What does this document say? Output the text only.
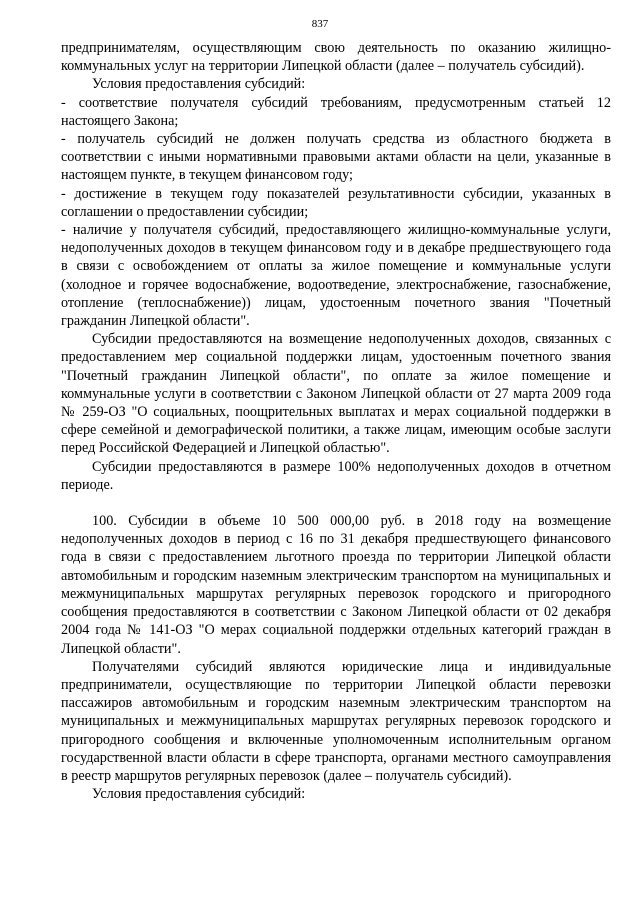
837

предпринимателям, осуществляющим свою деятельность по оказанию жилищно-коммунальных услуг на территории Липецкой области (далее – получатель субсидий).

Условия предоставления субсидий:

- соответствие получателя субсидий требованиям, предусмотренным статьей 12 настоящего Закона;

- получатель субсидий не должен получать средства из областного бюджета в соответствии с иными нормативными правовыми актами области на цели, указанные в настоящем пункте, в текущем финансовом году;

- достижение в текущем году показателей результативности субсидии, указанных в соглашении о предоставлении субсидии;

- наличие у получателя субсидий, предоставляющего жилищно-коммунальные услуги, недополученных доходов в текущем финансовом году и в декабре предшествующего года в связи с освобождением от оплаты за жилое помещение и коммунальные услуги (холодное и горячее водоснабжение, водоотведение, электроснабжение, газоснабжение, отопление (теплоснабжение)) лицам, удостоенным почетного звания "Почетный гражданин Липецкой области".

Субсидии предоставляются на возмещение недополученных доходов, связанных с предоставлением мер социальной поддержки лицам, удостоенным почетного звания "Почетный гражданин Липецкой области", по оплате за жилое помещение и коммунальные услуги в соответствии с Законом Липецкой области от 27 марта 2009 года № 259-ОЗ "О социальных, поощрительных выплатах и мерах социальной поддержки в сфере семейной и демографической политики, а также лицам, имеющим особые заслуги перед Российской Федерацией и Липецкой областью".

Субсидии предоставляются в размере 100% недополученных доходов в отчетном периоде.

100. Субсидии в объеме 10 500 000,00 руб. в 2018 году на возмещение недополученных доходов в период с 16 по 31 декабря предшествующего финансового года в связи с предоставлением льготного проезда по территории Липецкой области автомобильным и городским наземным электрическим транспортом на муниципальных и межмуниципальных маршрутах регулярных перевозок городского и пригородного сообщения предоставляются в соответствии с Законом Липецкой области от 02 декабря 2004 года № 141-ОЗ "О мерах социальной поддержки отдельных категорий граждан в Липецкой области".

Получателями субсидий являются юридические лица и индивидуальные предприниматели, осуществляющие по территории Липецкой области перевозки пассажиров автомобильным и городским наземным электрическим транспортом на муниципальных и межмуниципальных маршрутах регулярных перевозок городского и пригородного сообщения и включенные уполномоченным исполнительным органом государственной власти области в сфере транспорта, органами местного самоуправления в реестр маршрутов регулярных перевозок (далее – получатель субсидий).

Условия предоставления субсидий:
